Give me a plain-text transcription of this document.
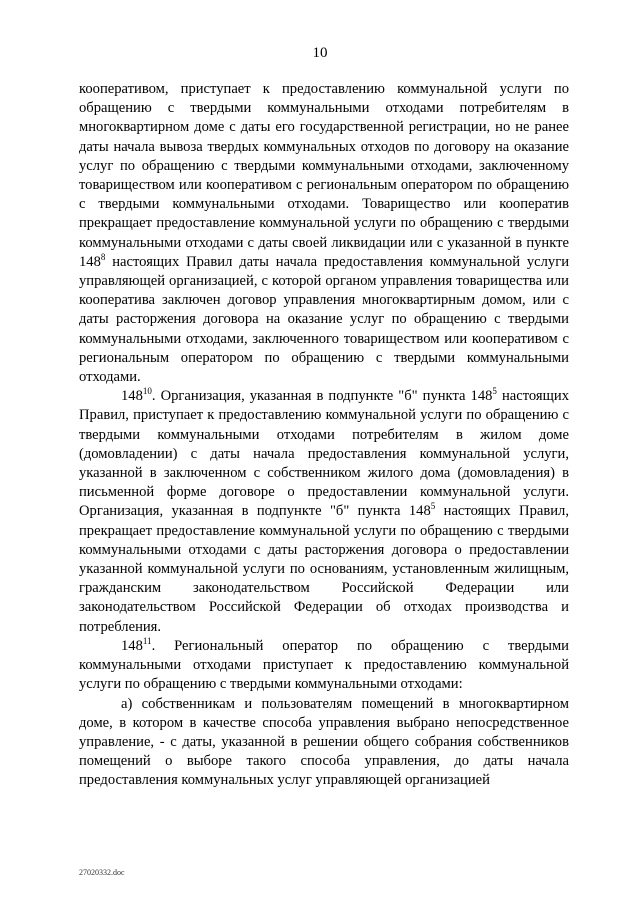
10

кооперативом, приступает к предоставлению коммунальной услуги по обращению с твердыми коммунальными отходами потребителям в многоквартирном доме с даты его государственной регистрации, но не ранее даты начала вывоза твердых коммунальных отходов по договору на оказание услуг по обращению с твердыми коммунальными отходами, заключенному товариществом или кооперативом с региональным оператором по обращению с твердыми коммунальными отходами. Товарищество или кооператив прекращает предоставление коммунальной услуги по обращению с твердыми коммунальными отходами с даты своей ликвидации или с указанной в пункте $148^8$ настоящих Правил даты начала предоставления коммунальной услуги управляющей организацией, с которой органом управления товарищества или кооператива заключен договор управления многоквартирным домом, или с даты расторжения договора на оказание услуг по обращению с твердыми коммунальными отходами, заключенного товариществом или кооперативом с региональным оператором по обращению с твердыми коммунальными отходами.

$148^{10}$. Организация, указанная в подпункте "б" пункта $148^5$ настоящих Правил, приступает к предоставлению коммунальной услуги по обращению с твердыми коммунальными отходами потребителям в жилом доме (домовладении) с даты начала предоставления коммунальной услуги, указанной в заключенном с собственником жилого дома (домовладения) в письменной форме договоре о предоставлении коммунальной услуги. Организация, указанная в подпункте "б" пункта $148^5$ настоящих Правил, прекращает предоставление коммунальной услуги по обращению с твердыми коммунальными отходами с даты расторжения договора о предоставлении указанной коммунальной услуги по основаниям, установленным жилищным, гражданским законодательством Российской Федерации или законодательством Российской Федерации об отходах производства и потребления.

$148^{11}$. Региональный оператор по обращению с твердыми коммунальными отходами приступает к предоставлению коммунальной услуги по обращению с твердыми коммунальными отходами:

а) собственникам и пользователям помещений в многоквартирном доме, в котором в качестве способа управления выбрано непосредственное управление, - с даты, указанной в решении общего собрания собственников помещений о выборе такого способа управления, до даты начала предоставления коммунальных услуг управляющей организацией

27020332.doc
